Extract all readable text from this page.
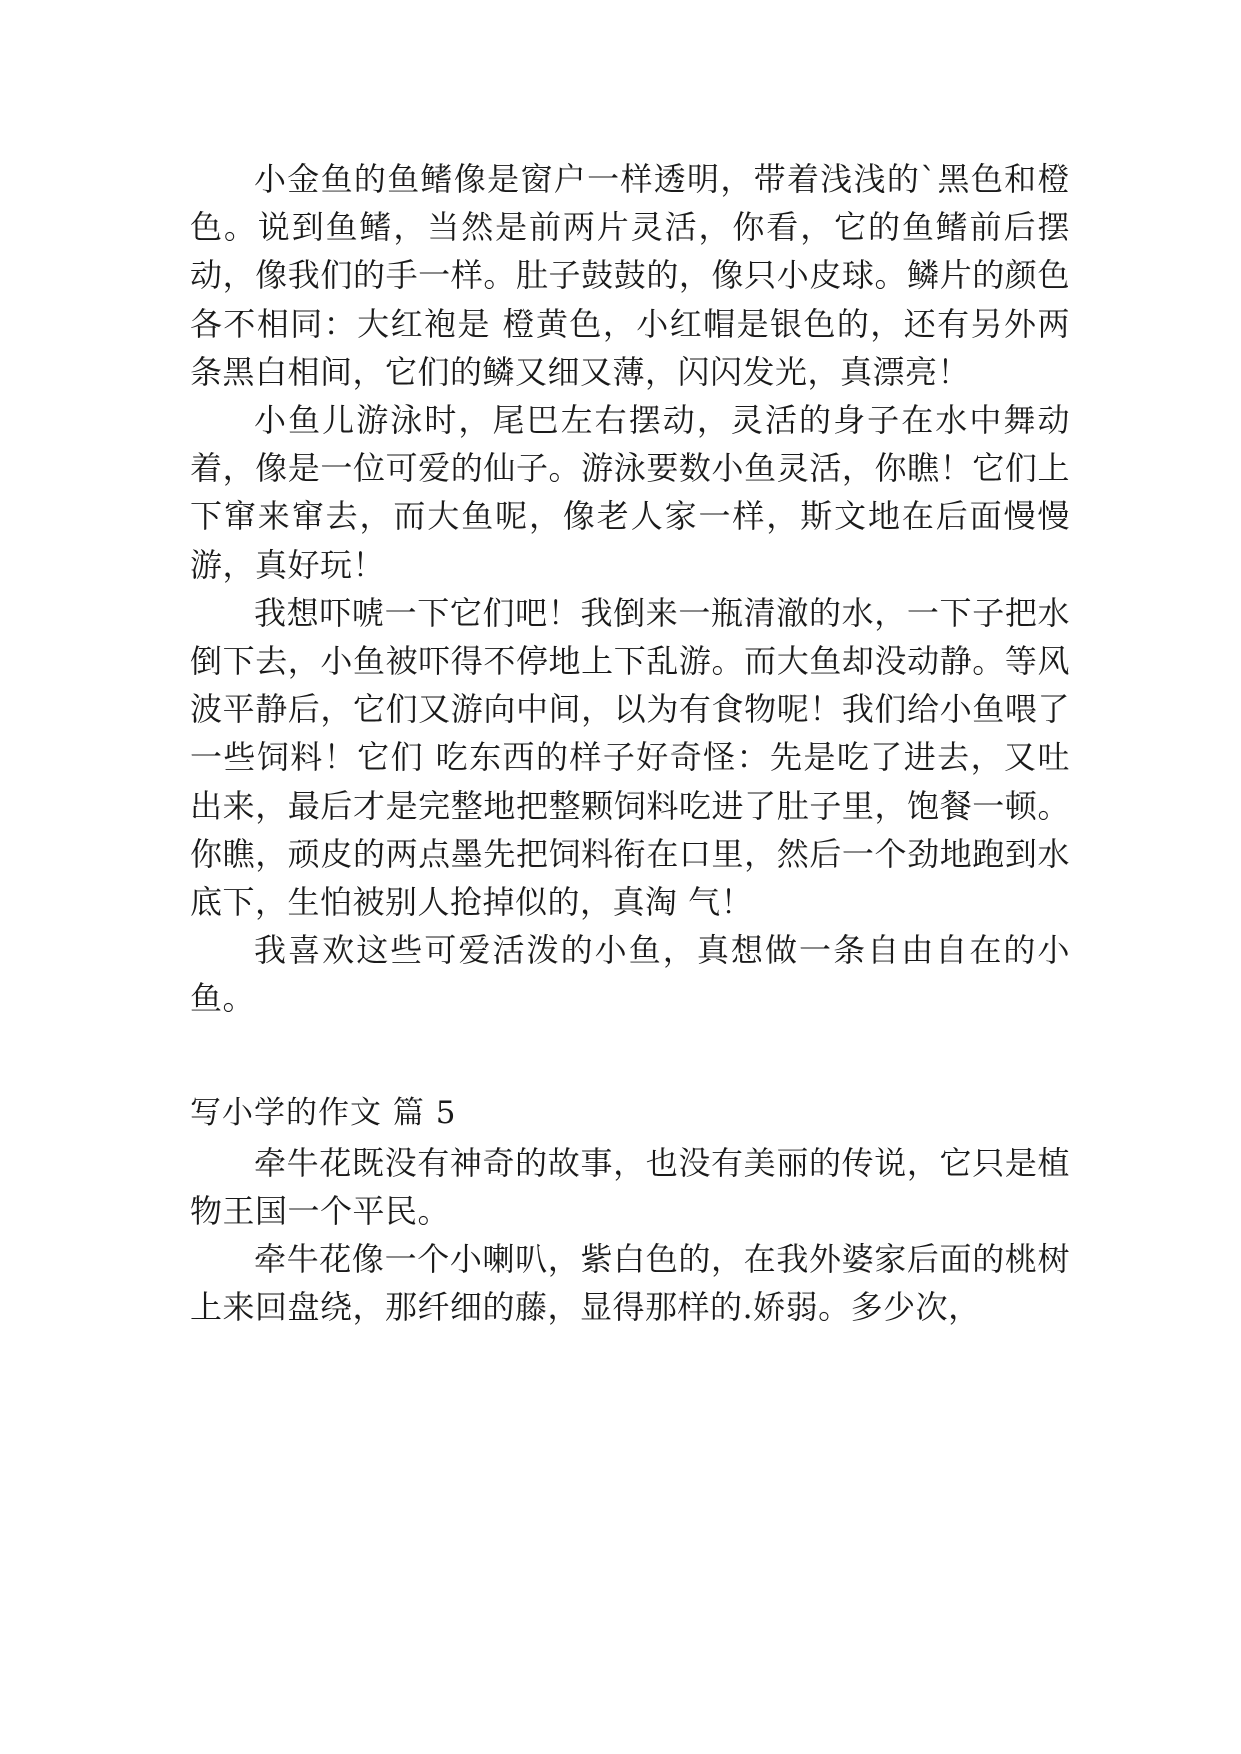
小金鱼的鱼鳍像是窗户一样透明，带着浅浅的`黑色和橙色。说到鱼鳍，当然是前两片灵活，你看，它的鱼鳍前后摆动，像我们的手一样。肚子鼓鼓的，像只小皮球。鳞片的颜色各不相同：大红袍是 橙黄色，小红帽是银色的，还有另外两条黑白相间，它们的鳞又细又薄，闪闪发光，真漂亮！

小鱼儿游泳时，尾巴左右摆动，灵活的身子在水中舞动着，像是一位可爱的仙子。游泳要数小鱼灵活，你瞧！它们上下窜来窜去，而大鱼呢，像老人家一样，斯文地在后面慢慢游，真好玩！

我想吓唬一下它们吧！我倒来一瓶清澈的水，一下子把水倒下去，小鱼被吓得不停地上下乱游。而大鱼却没动静。等风波平静后，它们又游向中间，以为有食物呢！我们给小鱼喂了一些饲料！它们 吃东西的样子好奇怪：先是吃了进去，又吐出来，最后才是完整地把整颗饲料吃进了肚子里，饱餐一顿。你瞧，顽皮的两点墨先把饲料衔在口里，然后一个劲地跑到水底下，生怕被别人抢掉似的，真淘 气！

我喜欢这些可爱活泼的小鱼，真想做一条自由自在的小鱼。

写小学的作文 篇 5

牵牛花既没有神奇的故事，也没有美丽的传说，它只是植物王国一个平民。

牵牛花像一个小喇叭，紫白色的，在我外婆家后面的桃树上来回盘绕，那纤细的藤，显得那样的.娇弱。多少次，
